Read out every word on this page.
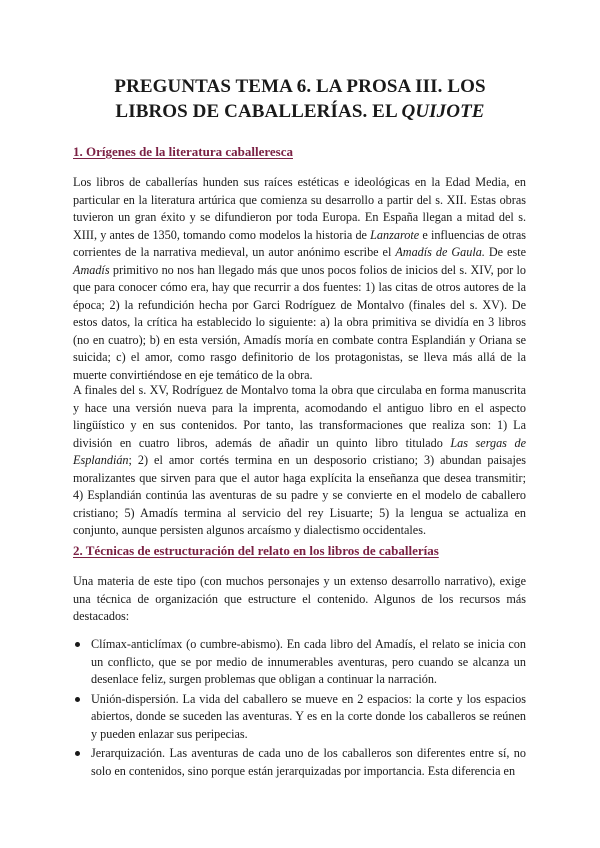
PREGUNTAS TEMA 6. LA PROSA III. LOS
LIBROS DE CABALLERÍAS. EL QUIJOTE
1. Orígenes de la literatura caballeresca
Los libros de caballerías hunden sus raíces estéticas e ideológicas en la Edad Media, en particular en la literatura artúrica que comienza su desarrollo a partir del s. XII. Estas obras tuvieron un gran éxito y se difundieron por toda Europa. En España llegan a mitad del s. XIII, y antes de 1350, tomando como modelos la historia de Lanzarote e influencias de otras corrientes de la narrativa medieval, un autor anónimo escribe el Amadís de Gaula. De este Amadís primitivo no nos han llegado más que unos pocos folios de inicios del s. XIV, por lo que para conocer cómo era, hay que recurrir a dos fuentes: 1) las citas de otros autores de la época; 2) la refundición hecha por Garci Rodríguez de Montalvo (finales del s. XV). De estos datos, la crítica ha establecido lo siguiente: a) la obra primitiva se dividía en 3 libros (no en cuatro); b) en esta versión, Amadís moría en combate contra Esplandián y Oriana se suicida; c) el amor, como rasgo definitorio de los protagonistas, se lleva más allá de la muerte convirtiéndose en eje temático de la obra.
A finales del s. XV, Rodríguez de Montalvo toma la obra que circulaba en forma manuscrita y hace una versión nueva para la imprenta, acomodando el antiguo libro en el aspecto lingüístico y en sus contenidos. Por tanto, las transformaciones que realiza son: 1) La división en cuatro libros, además de añadir un quinto libro titulado Las sergas de Esplandián; 2) el amor cortés termina en un desposorio cristiano; 3) abundan paisajes moralizantes que sirven para que el autor haga explícita la enseñanza que desea transmitir; 4) Esplandián continúa las aventuras de su padre y se convierte en el modelo de caballero cristiano; 5) Amadís termina al servicio del rey Lisuarte; 5) la lengua se actualiza en conjunto, aunque persisten algunos arcaísmo y dialectismo occidentales.
2. Técnicas de estructuración del relato en los libros de caballerías
Una materia de este tipo (con muchos personajes y un extenso desarrollo narrativo), exige una técnica de organización que estructure el contenido. Algunos de los recursos más destacados:
Clímax-anticlímax (o cumbre-abismo). En cada libro del Amadís, el relato se inicia con un conflicto, que se por medio de innumerables aventuras, pero cuando se alcanza un desenlace feliz, surgen problemas que obligan a continuar la narración.
Unión-dispersión. La vida del caballero se mueve en 2 espacios: la corte y los espacios abiertos, donde se suceden las aventuras. Y es en la corte donde los caballeros se reúnen y pueden enlazar sus peripecias.
Jerarquización. Las aventuras de cada uno de los caballeros son diferentes entre sí, no solo en contenidos, sino porque están jerarquizadas por importancia. Esta diferencia en
